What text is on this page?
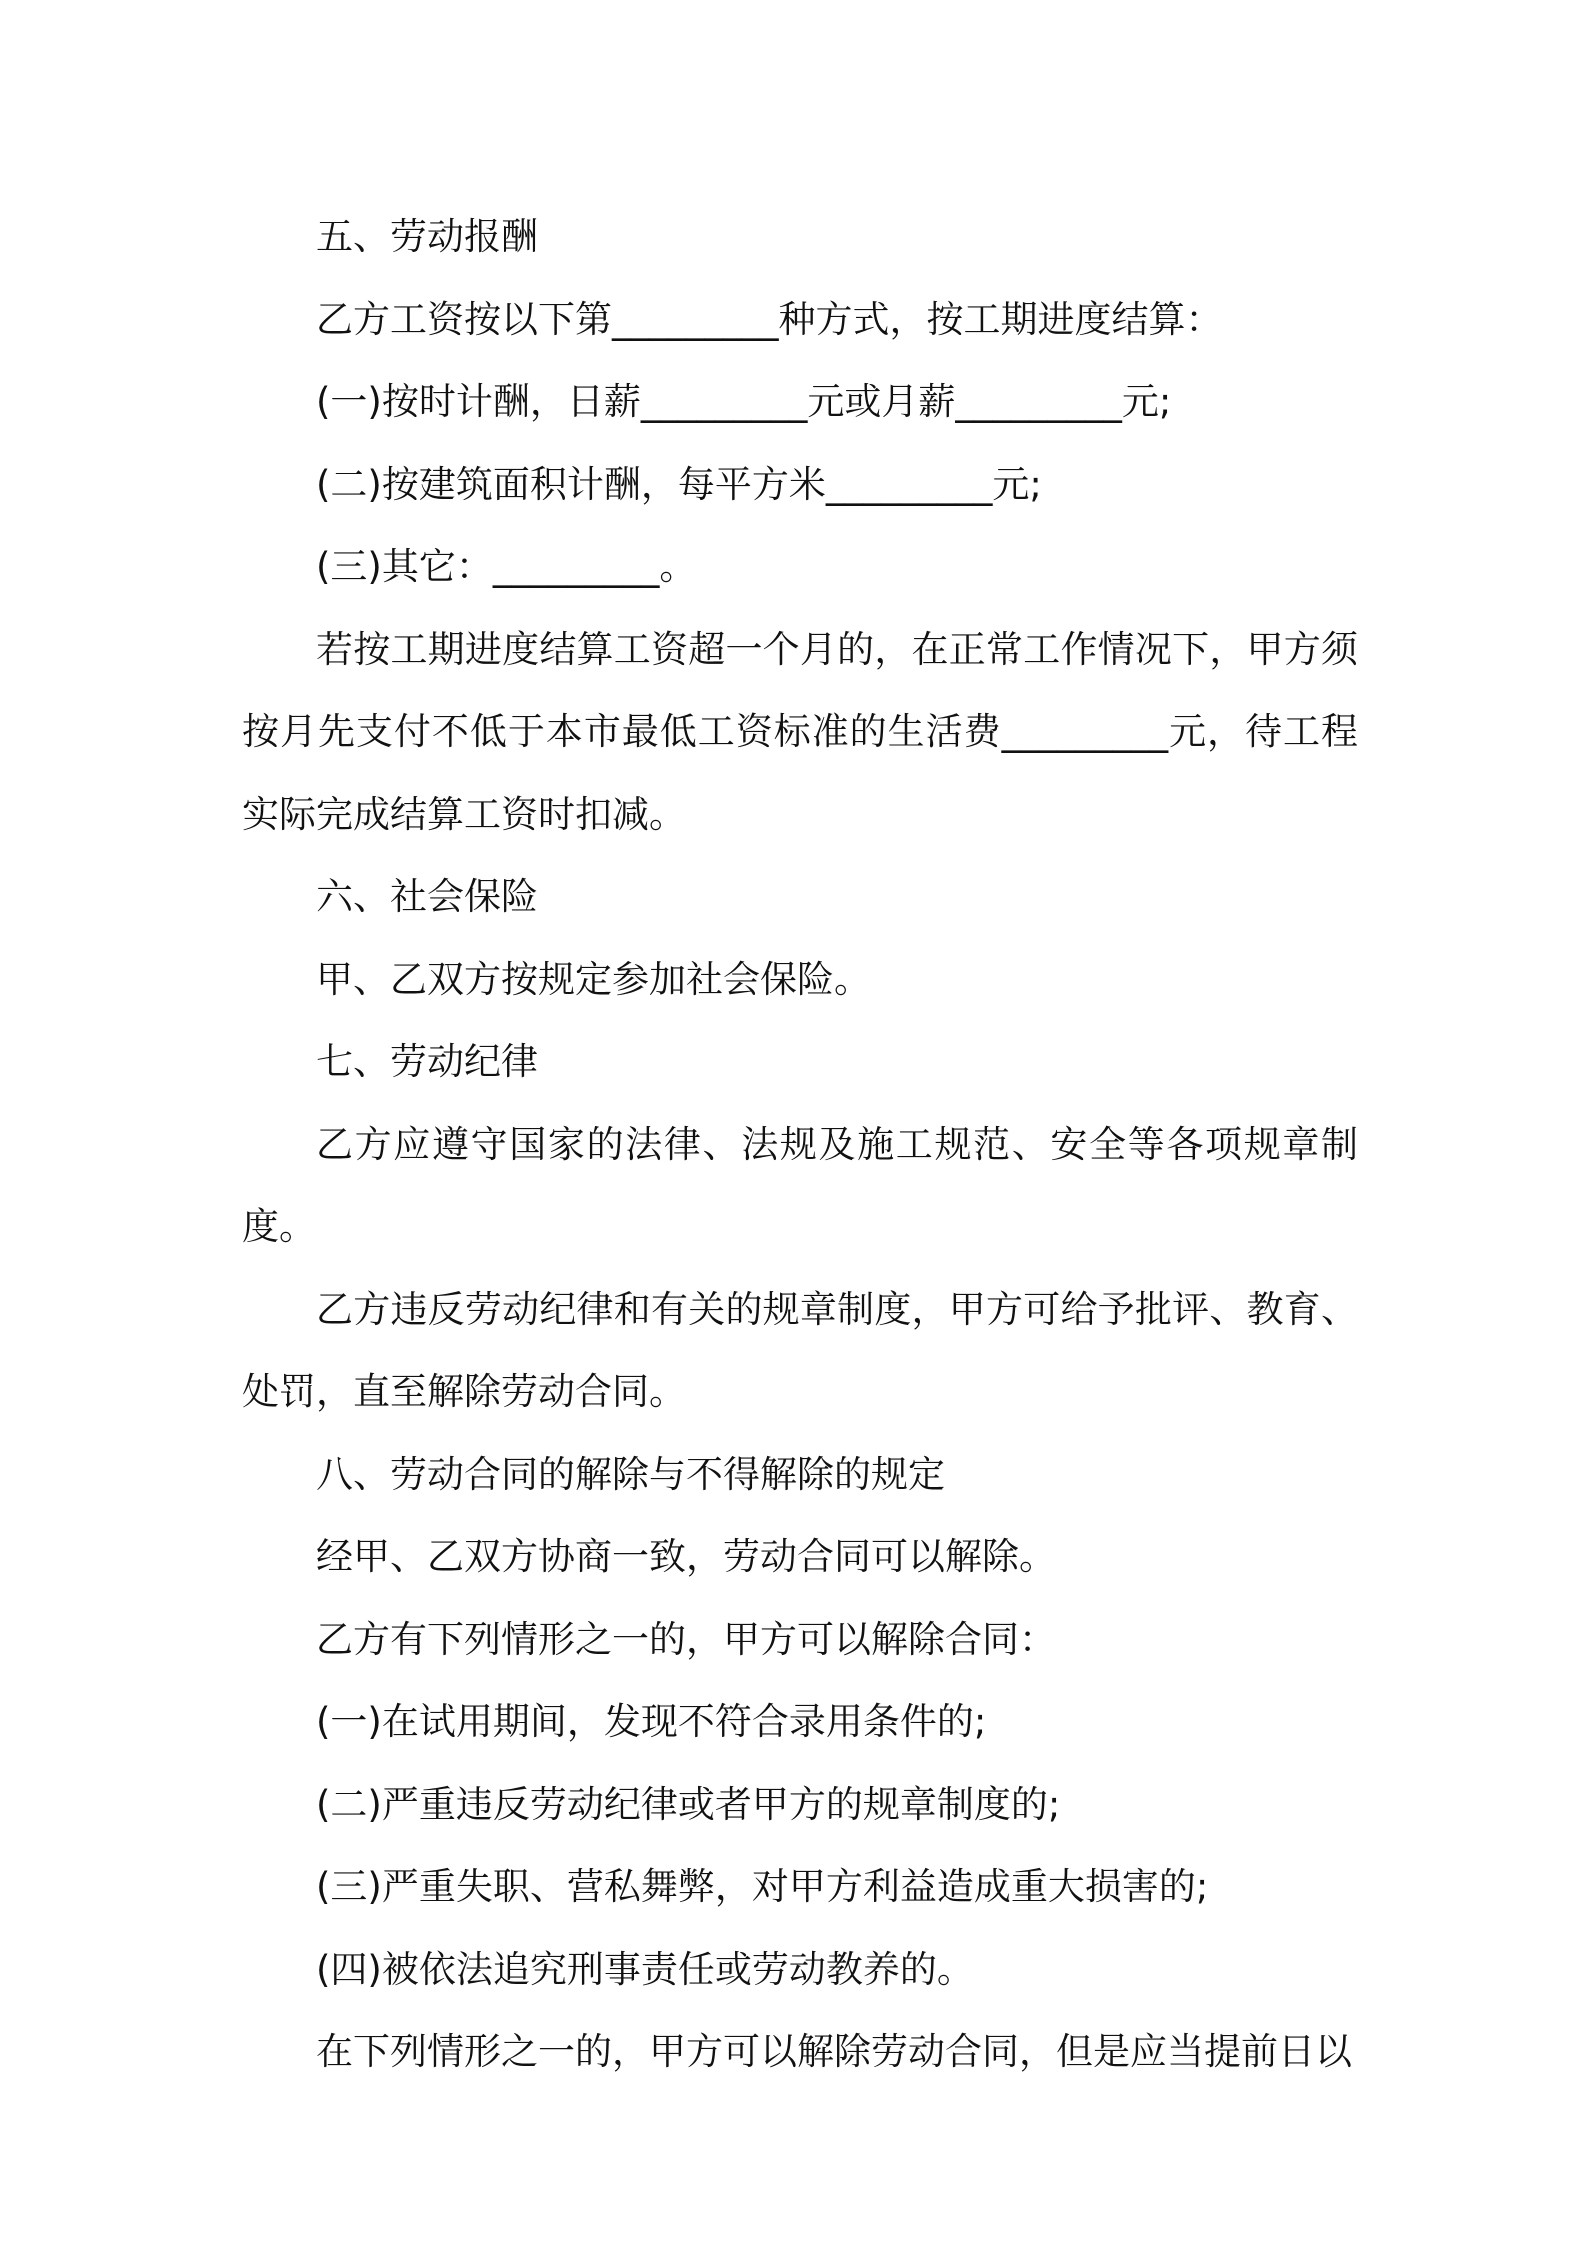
五、劳动报酬

乙方工资按以下第_________种方式，按工期进度结算：

(一)按时计酬，日薪_________元或月薪_________元;

(二)按建筑面积计酬，每平方米_________元;

(三)其它：_________。

若按工期进度结算工资超一个月的，在正常工作情况下，甲方须按月先支付不低于本市最低工资标准的生活费_________元，待工程实际完成结算工资时扣减。

六、社会保险

甲、乙双方按规定参加社会保险。

七、劳动纪律

乙方应遵守国家的法律、法规及施工规范、安全等各项规章制度。

乙方违反劳动纪律和有关的规章制度，甲方可给予批评、教育、处罚，直至解除劳动合同。

八、劳动合同的解除与不得解除的规定

经甲、乙双方协商一致，劳动合同可以解除。

乙方有下列情形之一的，甲方可以解除合同：

(一)在试用期间，发现不符合录用条件的;

(二)严重违反劳动纪律或者甲方的规章制度的;

(三)严重失职、营私舞弊，对甲方利益造成重大损害的;

(四)被依法追究刑事责任或劳动教养的。

在下列情形之一的，甲方可以解除劳动合同，但是应当提前日以
